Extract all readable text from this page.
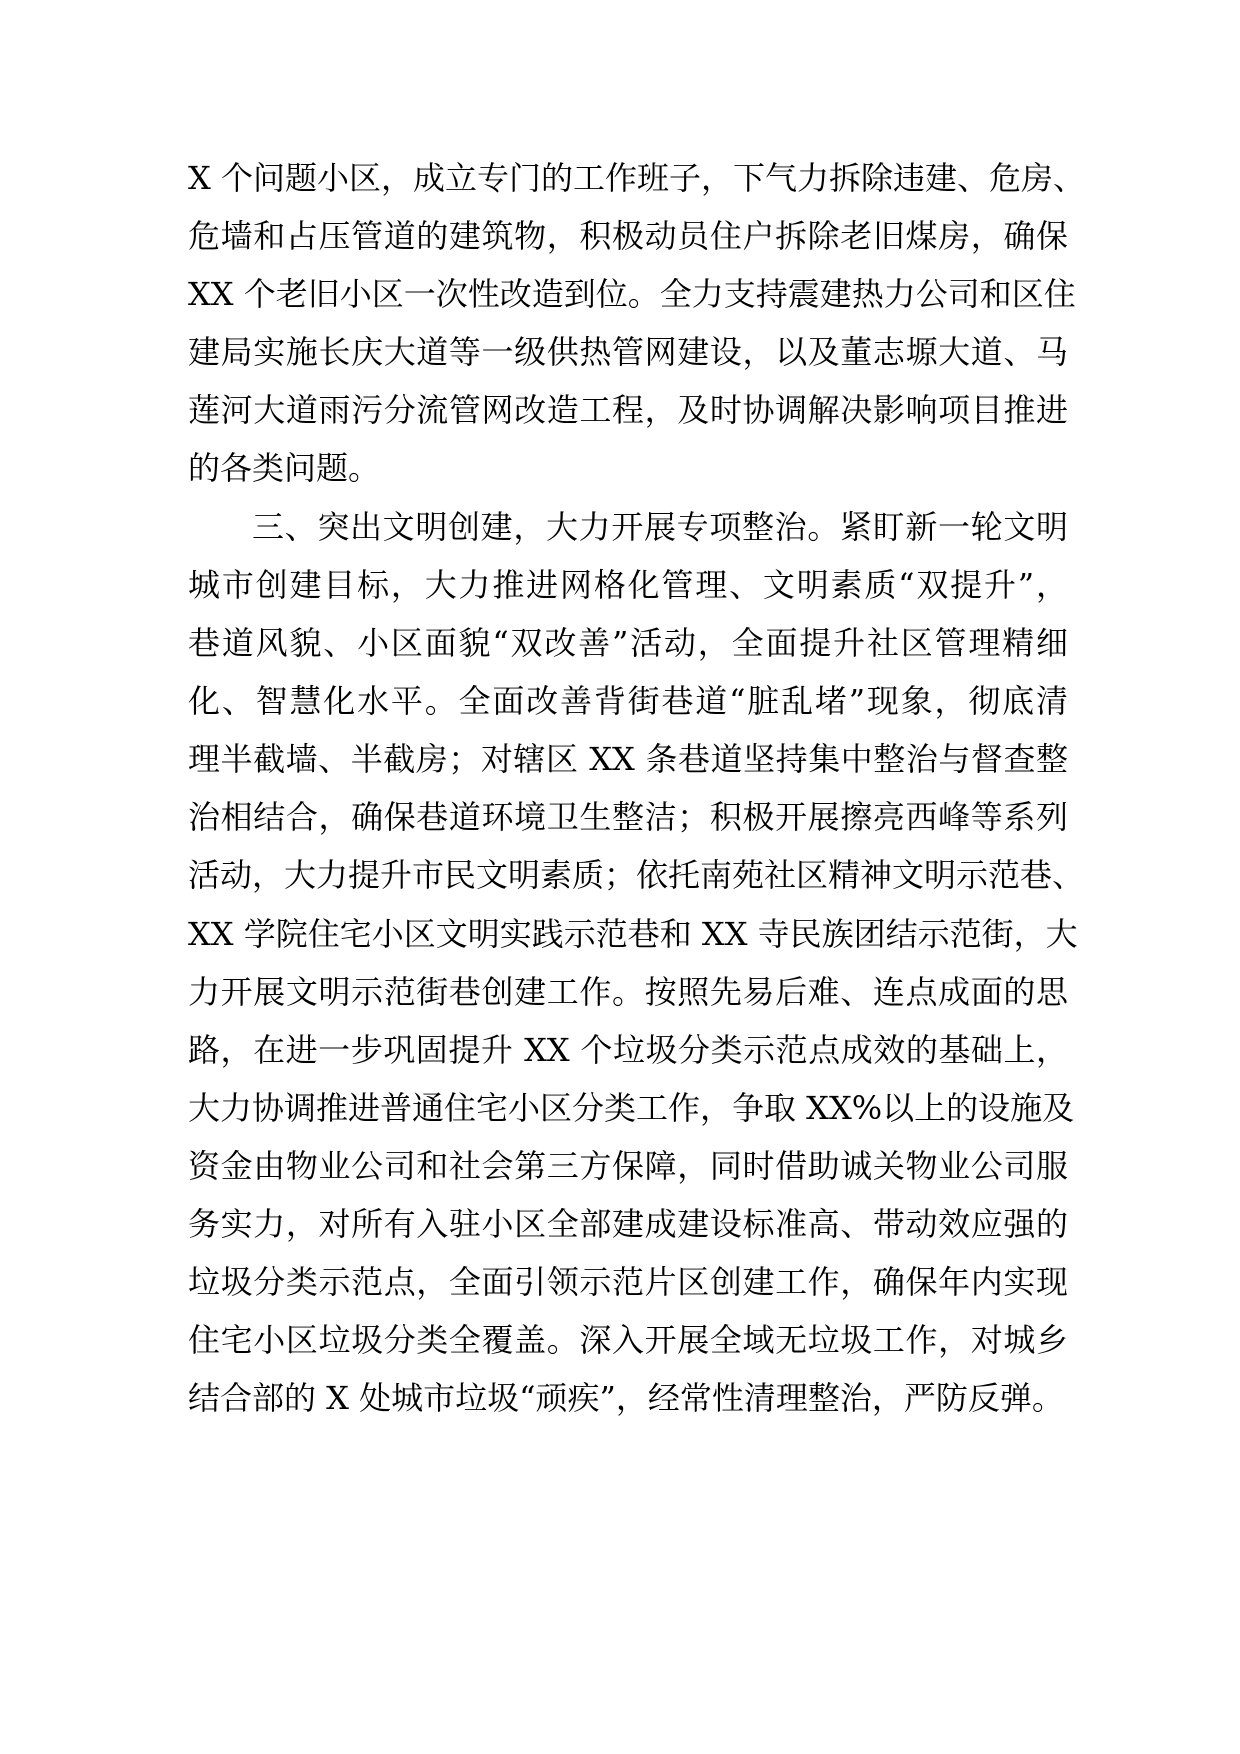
X 个问题小区，成立专门的工作班子，下气力拆除违建、危房、
危墙和占压管道的建筑物，积极动员住户拆除老旧煤房，确保
XX 个老旧小区一次性改造到位。全力支持震建热力公司和区住
建局实施长庆大道等一级供热管网建设，以及董志塬大道、马
莲河大道雨污分流管网改造工程，及时协调解决影响项目推进
的各类问题。
三、突出文明创建，大力开展专项整治。紧盯新一轮文明
城市创建目标，大力推进网格化管理、文明素质“双提升”，
巷道风貌、小区面貌“双改善”活动，全面提升社区管理精细
化、智慧化水平。全面改善背街巷道“脏乱堵”现象，彻底清
理半截墙、半截房；对辖区 XX 条巷道坚持集中整治与督查整
治相结合，确保巷道环境卫生整洁；积极开展擦亮西峰等系列
活动，大力提升市民文明素质；依托南苑社区精神文明示范巷、
XX 学院住宅小区文明实践示范巷和 XX 寺民族团结示范街，大
力开展文明示范街巷创建工作。按照先易后难、连点成面的思
路，在进一步巩固提升 XX 个垃圾分类示范点成效的基础上，
大力协调推进普通住宅小区分类工作，争取 XX%以上的设施及
资金由物业公司和社会第三方保障，同时借助诚关物业公司服
务实力，对所有入驻小区全部建成建设标准高、带动效应强的
垃圾分类示范点，全面引领示范片区创建工作，确保年内实现
住宅小区垃圾分类全覆盖。深入开展全域无垃圾工作，对城乡
结合部的 X 处城市垃圾“顽疾”，经常性清理整治，严防反弹。
